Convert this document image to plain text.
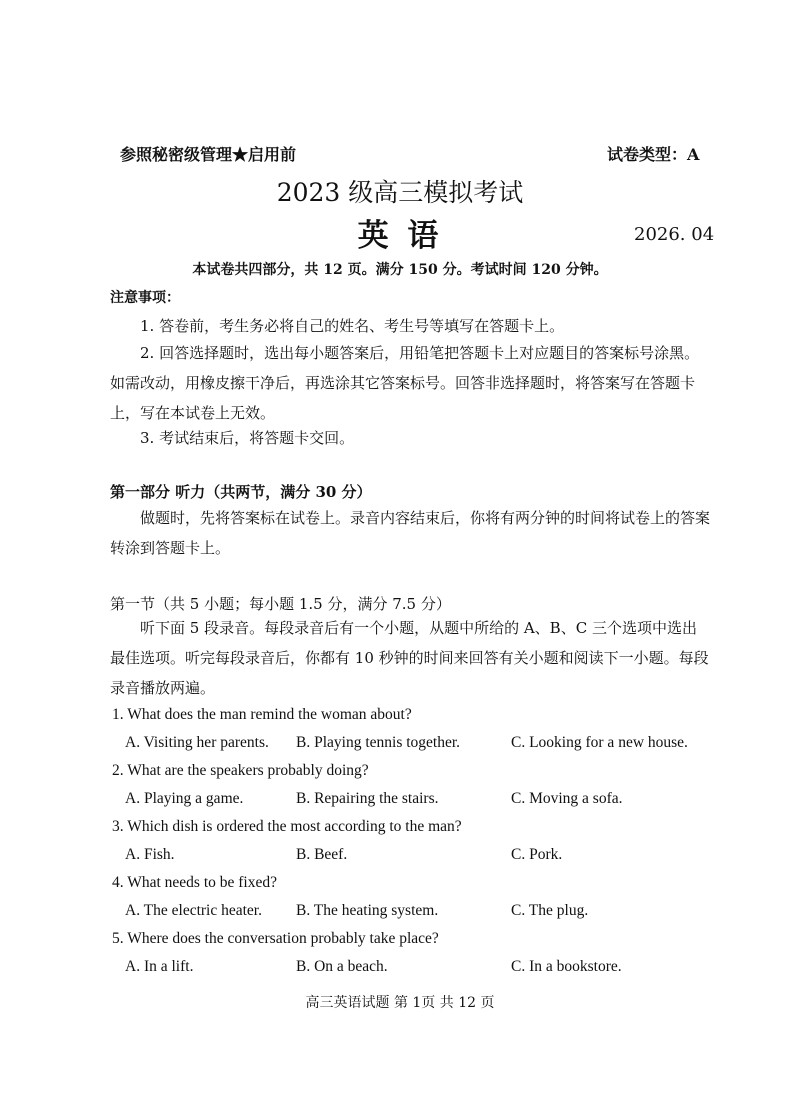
参照秘密级管理★启用前	试卷类型：A
2023 级高三模拟考试
英 语	2026. 04
本试卷共四部分，共 12 页。满分 150 分。考试时间 120 分钟。
注意事项：
1. 答卷前，考生务必将自己的姓名、考生号等填写在答题卡上。
2. 回答选择题时，选出每小题答案后，用铅笔把答题卡上对应题目的答案标号涂黑。如需改动，用橡皮擦干净后，再选涂其它答案标号。回答非选择题时，将答案写在答题卡上，写在本试卷上无效。
3. 考试结束后，将答题卡交回。
第一部分 听力（共两节，满分 30 分）
做题时，先将答案标在试卷上。录音内容结束后，你将有两分钟的时间将试卷上的答案转涂到答题卡上。
第一节（共 5 小题；每小题 1.5 分，满分 7.5 分）
听下面 5 段录音。每段录音后有一个小题，从题中所给的 A、B、C 三个选项中选出最佳选项。听完每段录音后，你都有 10 秒钟的时间来回答有关小题和阅读下一小题。每段录音播放两遍。
1. What does the man remind the woman about?
A. Visiting her parents. B. Playing tennis together.	C. Looking for a new house.
2. What are the speakers probably doing?
A. Playing a game.	B. Repairing the stairs.	C. Moving a sofa.
3. Which dish is ordered the most according to the man?
A. Fish.	B. Beef.	C. Pork.
4. What needs to be fixed?
A. The electric heater. B. The heating system.	C. The plug.
5. Where does the conversation probably take place?
A. In a lift.	B. On a beach.	C. In a bookstore.
高三英语试题 第 1页 共 12 页
